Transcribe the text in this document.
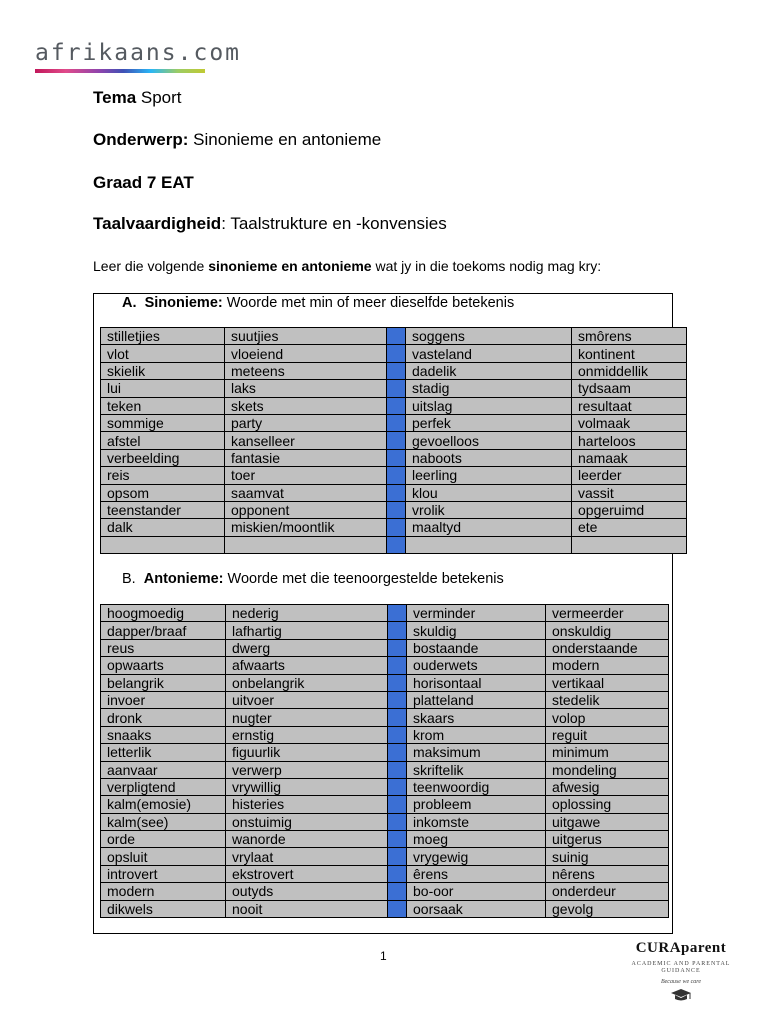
afrikaans.com
Tema Sport
Onderwerp: Sinonieme en antonieme
Graad 7 EAT
Taalvaardigheid: Taalstrukture en -konvensies
Leer die volgende sinonieme en antonieme wat jy in die toekoms nodig mag kry:
A. Sinonieme: Woorde met min of meer dieselfde betekenis
stilletjies	suutjies		soggens	smôrens
vlot	vloeiend		vasteland	kontinent
skielik	meteens		dadelik	onmiddellik
lui	laks		stadig	tydsaam
teken	skets		uitslag	resultaat
sommige	party		perfek	volmaak
afstel	kanselleer		gevoelloos	harteloos
verbeelding	fantasie		naboots	namaak
reis	toer		leerling	leerder
opsom	saamvat		klou	vassit
teenstander	opponent		vrolik	opgeruimd
dalk	miskien/moontlik		maaltyd	ete

B. Antonieme: Woorde met die teenoorgestelde betekenis
hoogmoedig	nederig		verminder	vermeerder
dapper/braaf	lafhartig		skuldig	onskuldig
reus	dwerg		bostaande	onderstaande
opwaarts	afwaarts		ouderwets	modern
belangrik	onbelangrik		horisontaal	vertikaal
invoer	uitvoer		platteland	stedelik
dronk	nugter		skaars	volop
snaaks	ernstig		krom	reguit
letterlik	figuurlik		maksimum	minimum
aanvaar	verwerp		skriftelik	mondeling
verpligtend	vrywillig		teenwoordig	afwesig
kalm(emosie)	histeries		probleem	oplossing
kalm(see)	onstuimig		inkomste	uitgawe
orde	wanorde		moeg	uitgerus
opsluit	vrylaat		vrygewig	suinig
introvert	ekstrovert		êrens	nêrens
modern	outyds		bo-oor	onderdeur
dikwels	nooit		oorsaak	gevolg
1	CURAparent
ACADEMIC AND PARENTAL GUIDANCE
Because we care
